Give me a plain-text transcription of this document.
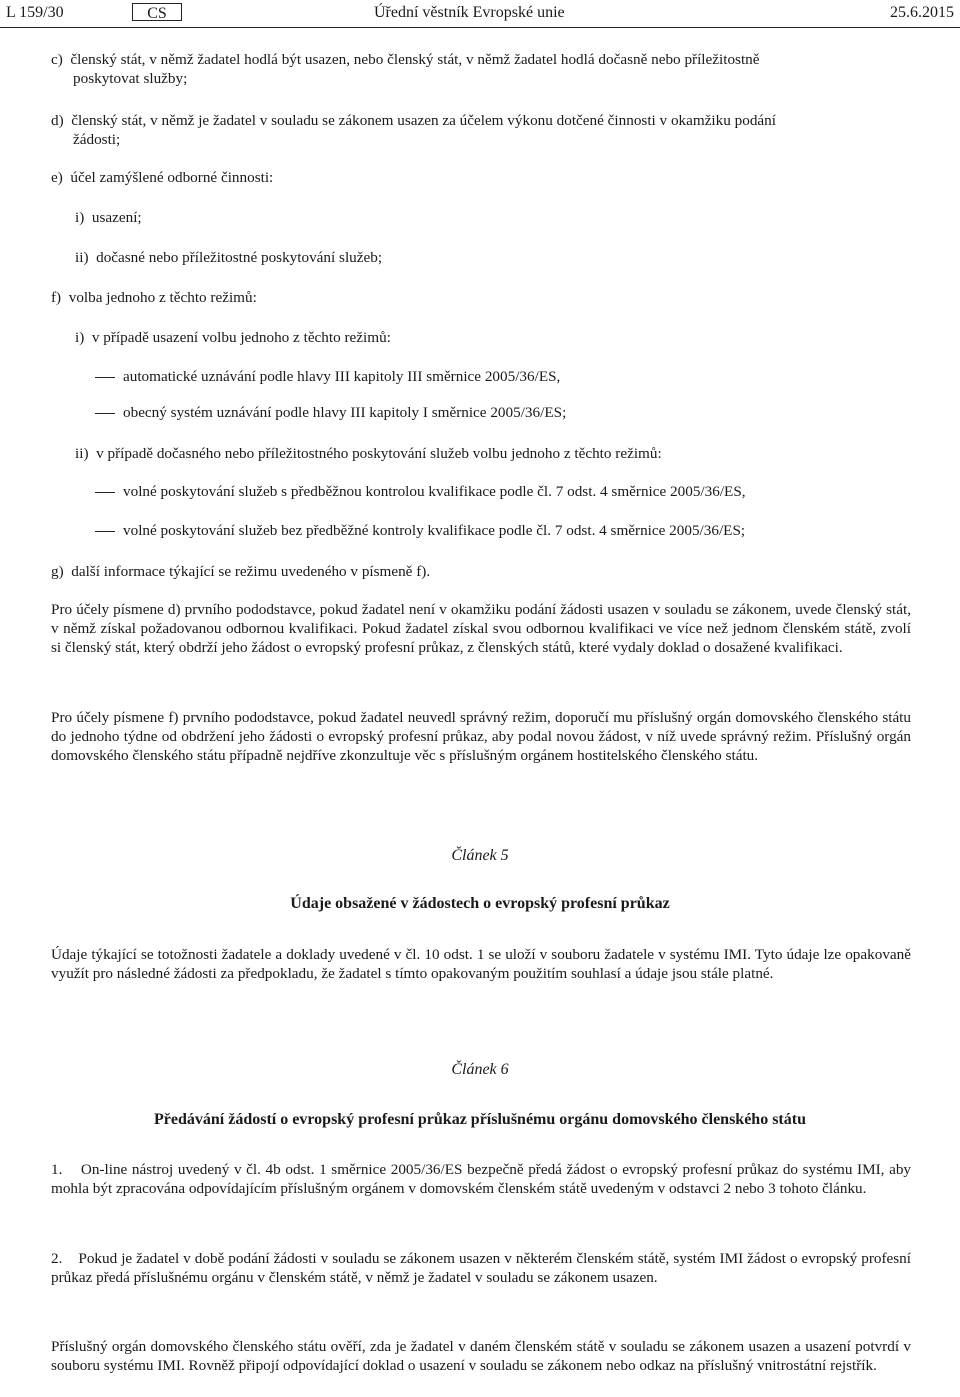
L 159/30	CS	Úřední věstník Evropské unie	25.6.2015
c) členský stát, v němž žadatel hodlá být usazen, nebo členský stát, v němž žadatel hodlá dočasně nebo příležitostně
poskytovat služby;
d) členský stát, v němž je žadatel v souladu se zákonem usazen za účelem výkonu dotčené činnosti v okamžiku podání
žádosti;
e) účel zamýšlené odborné činnosti:
i) usazení;
ii) dočasné nebo příležitostné poskytování služeb;
f) volba jednoho z těchto režimů:
i) v případě usazení volbu jednoho z těchto režimů:
automatické uznávání podle hlavy III kapitoly III směrnice 2005/36/ES,
obecný systém uznávání podle hlavy III kapitoly I směrnice 2005/36/ES;
ii) v případě dočasného nebo příležitostného poskytování služeb volbu jednoho z těchto režimů:
volné poskytování služeb s předběžnou kontrolou kvalifikace podle čl. 7 odst. 4 směrnice 2005/36/ES,
volné poskytování služeb bez předběžné kontroly kvalifikace podle čl. 7 odst. 4 směrnice 2005/36/ES;
g) další informace týkající se režimu uvedeného v písmeně f).

Pro účely písmene d) prvního pododstavce, pokud žadatel není v okamžiku podání žádosti usazen v souladu se zákonem, uvede členský stát, v němž získal požadovanou odbornou kvalifikaci. Pokud žadatel získal svou odbornou kvalifikaci ve více než jednom členském státě, zvolí si členský stát, který obdrží jeho žádost o evropský profesní průkaz, z členských států, které vydaly doklad o dosažené kvalifikaci.

Pro účely písmene f) prvního pododstavce, pokud žadatel neuvedl správný režim, doporučí mu příslušný orgán domovského členského státu do jednoho týdne od obdržení jeho žádosti o evropský profesní průkaz, aby podal novou žádost, v níž uvede správný režim. Příslušný orgán domovského členského státu případně nejdříve zkonzultuje věc s příslušným orgánem hostitelského členského státu.

Článek 5

Údaje obsažené v žádostech o evropský profesní průkaz

Údaje týkající se totožnosti žadatele a doklady uvedené v čl. 10 odst. 1 se uloží v souboru žadatele v systému IMI. Tyto údaje lze opakovaně využít pro následné žádosti za předpokladu, že žadatel s tímto opakovaným použitím souhlasí a údaje jsou stále platné.

Článek 6

Předávání žádostí o evropský profesní průkaz příslušnému orgánu domovského členského státu

1. On-line nástroj uvedený v čl. 4b odst. 1 směrnice 2005/36/ES bezpečně předá žádost o evropský profesní průkaz do systému IMI, aby mohla být zpracována odpovídajícím příslušným orgánem v domovském členském státě uvedeným v odstavci 2 nebo 3 tohoto článku.

2. Pokud je žadatel v době podání žádosti v souladu se zákonem usazen v některém členském státě, systém IMI žádost o evropský profesní průkaz předá příslušnému orgánu v členském státě, v němž je žadatel v souladu se zákonem usazen.

Příslušný orgán domovského členského státu ověří, zda je žadatel v daném členském státě v souladu se zákonem usazen a usazení potvrdí v souboru systému IMI. Rovněž připojí odpovídající doklad o usazení v souladu se zákonem nebo odkaz na příslušný vnitrostátní rejstřík.
